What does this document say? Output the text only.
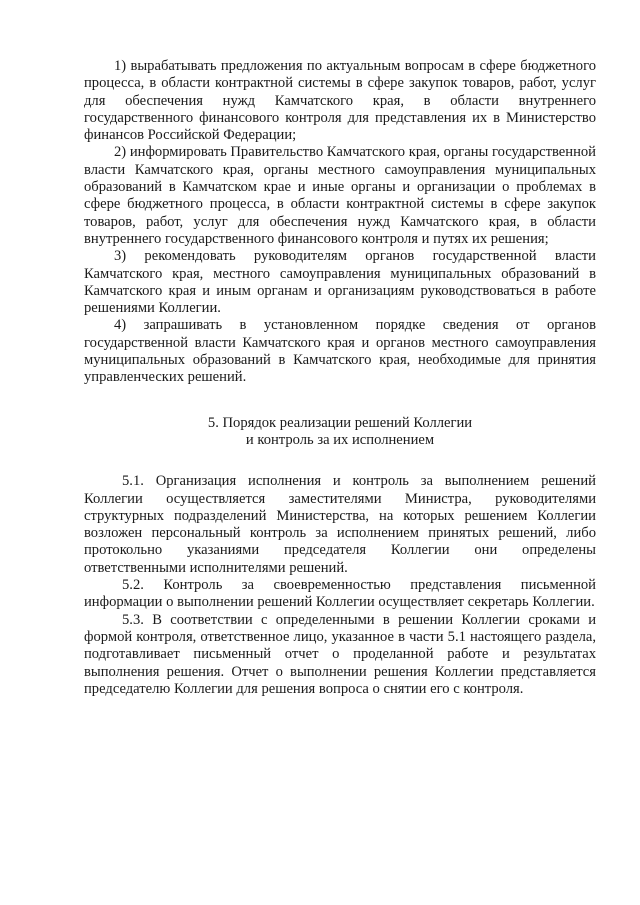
1) вырабатывать предложения по актуальным вопросам в сфере бюджетного процесса, в области контрактной системы в сфере закупок товаров, работ, услуг для обеспечения нужд Камчатского края, в области внутреннего государственного финансового контроля для представления их в Министерство финансов Российской Федерации;

2) информировать Правительство Камчатского края, органы государственной власти Камчатского края, органы местного самоуправления муниципальных образований в Камчатском крае и иные органы и организации о проблемах в сфере бюджетного процесса, в области контрактной системы в сфере закупок товаров, работ, услуг для обеспечения нужд Камчатского края, в области внутреннего государственного финансового контроля и путях их решения;

3) рекомендовать руководителям органов государственной власти Камчатского края, местного самоуправления муниципальных образований в Камчатского края и иным органам и организациям руководствоваться в работе решениями Коллегии.

4) запрашивать в установленном порядке сведения от органов государственной власти Камчатского края и органов местного самоуправления муниципальных образований в Камчатского края, необходимые для принятия управленческих решений.

5. Порядок реализации решений Коллегии
и контроль за их исполнением

5.1. Организация исполнения и контроль за выполнением решений Коллегии осуществляется заместителями Министра, руководителями структурных подразделений Министерства, на которых решением Коллегии возложен персональный контроль за исполнением принятых решений, либо протокольно указаниями председателя Коллегии они определены ответственными исполнителями решений.

5.2. Контроль за своевременностью представления письменной информации о выполнении решений Коллегии осуществляет секретарь Коллегии.

5.3. В соответствии с определенными в решении Коллегии сроками и формой контроля, ответственное лицо, указанное в части 5.1 настоящего раздела, подготавливает письменный отчет о проделанной работе и результатах выполнения решения. Отчет о выполнении решения Коллегии представляется председателю Коллегии для решения вопроса о снятии его с контроля.
